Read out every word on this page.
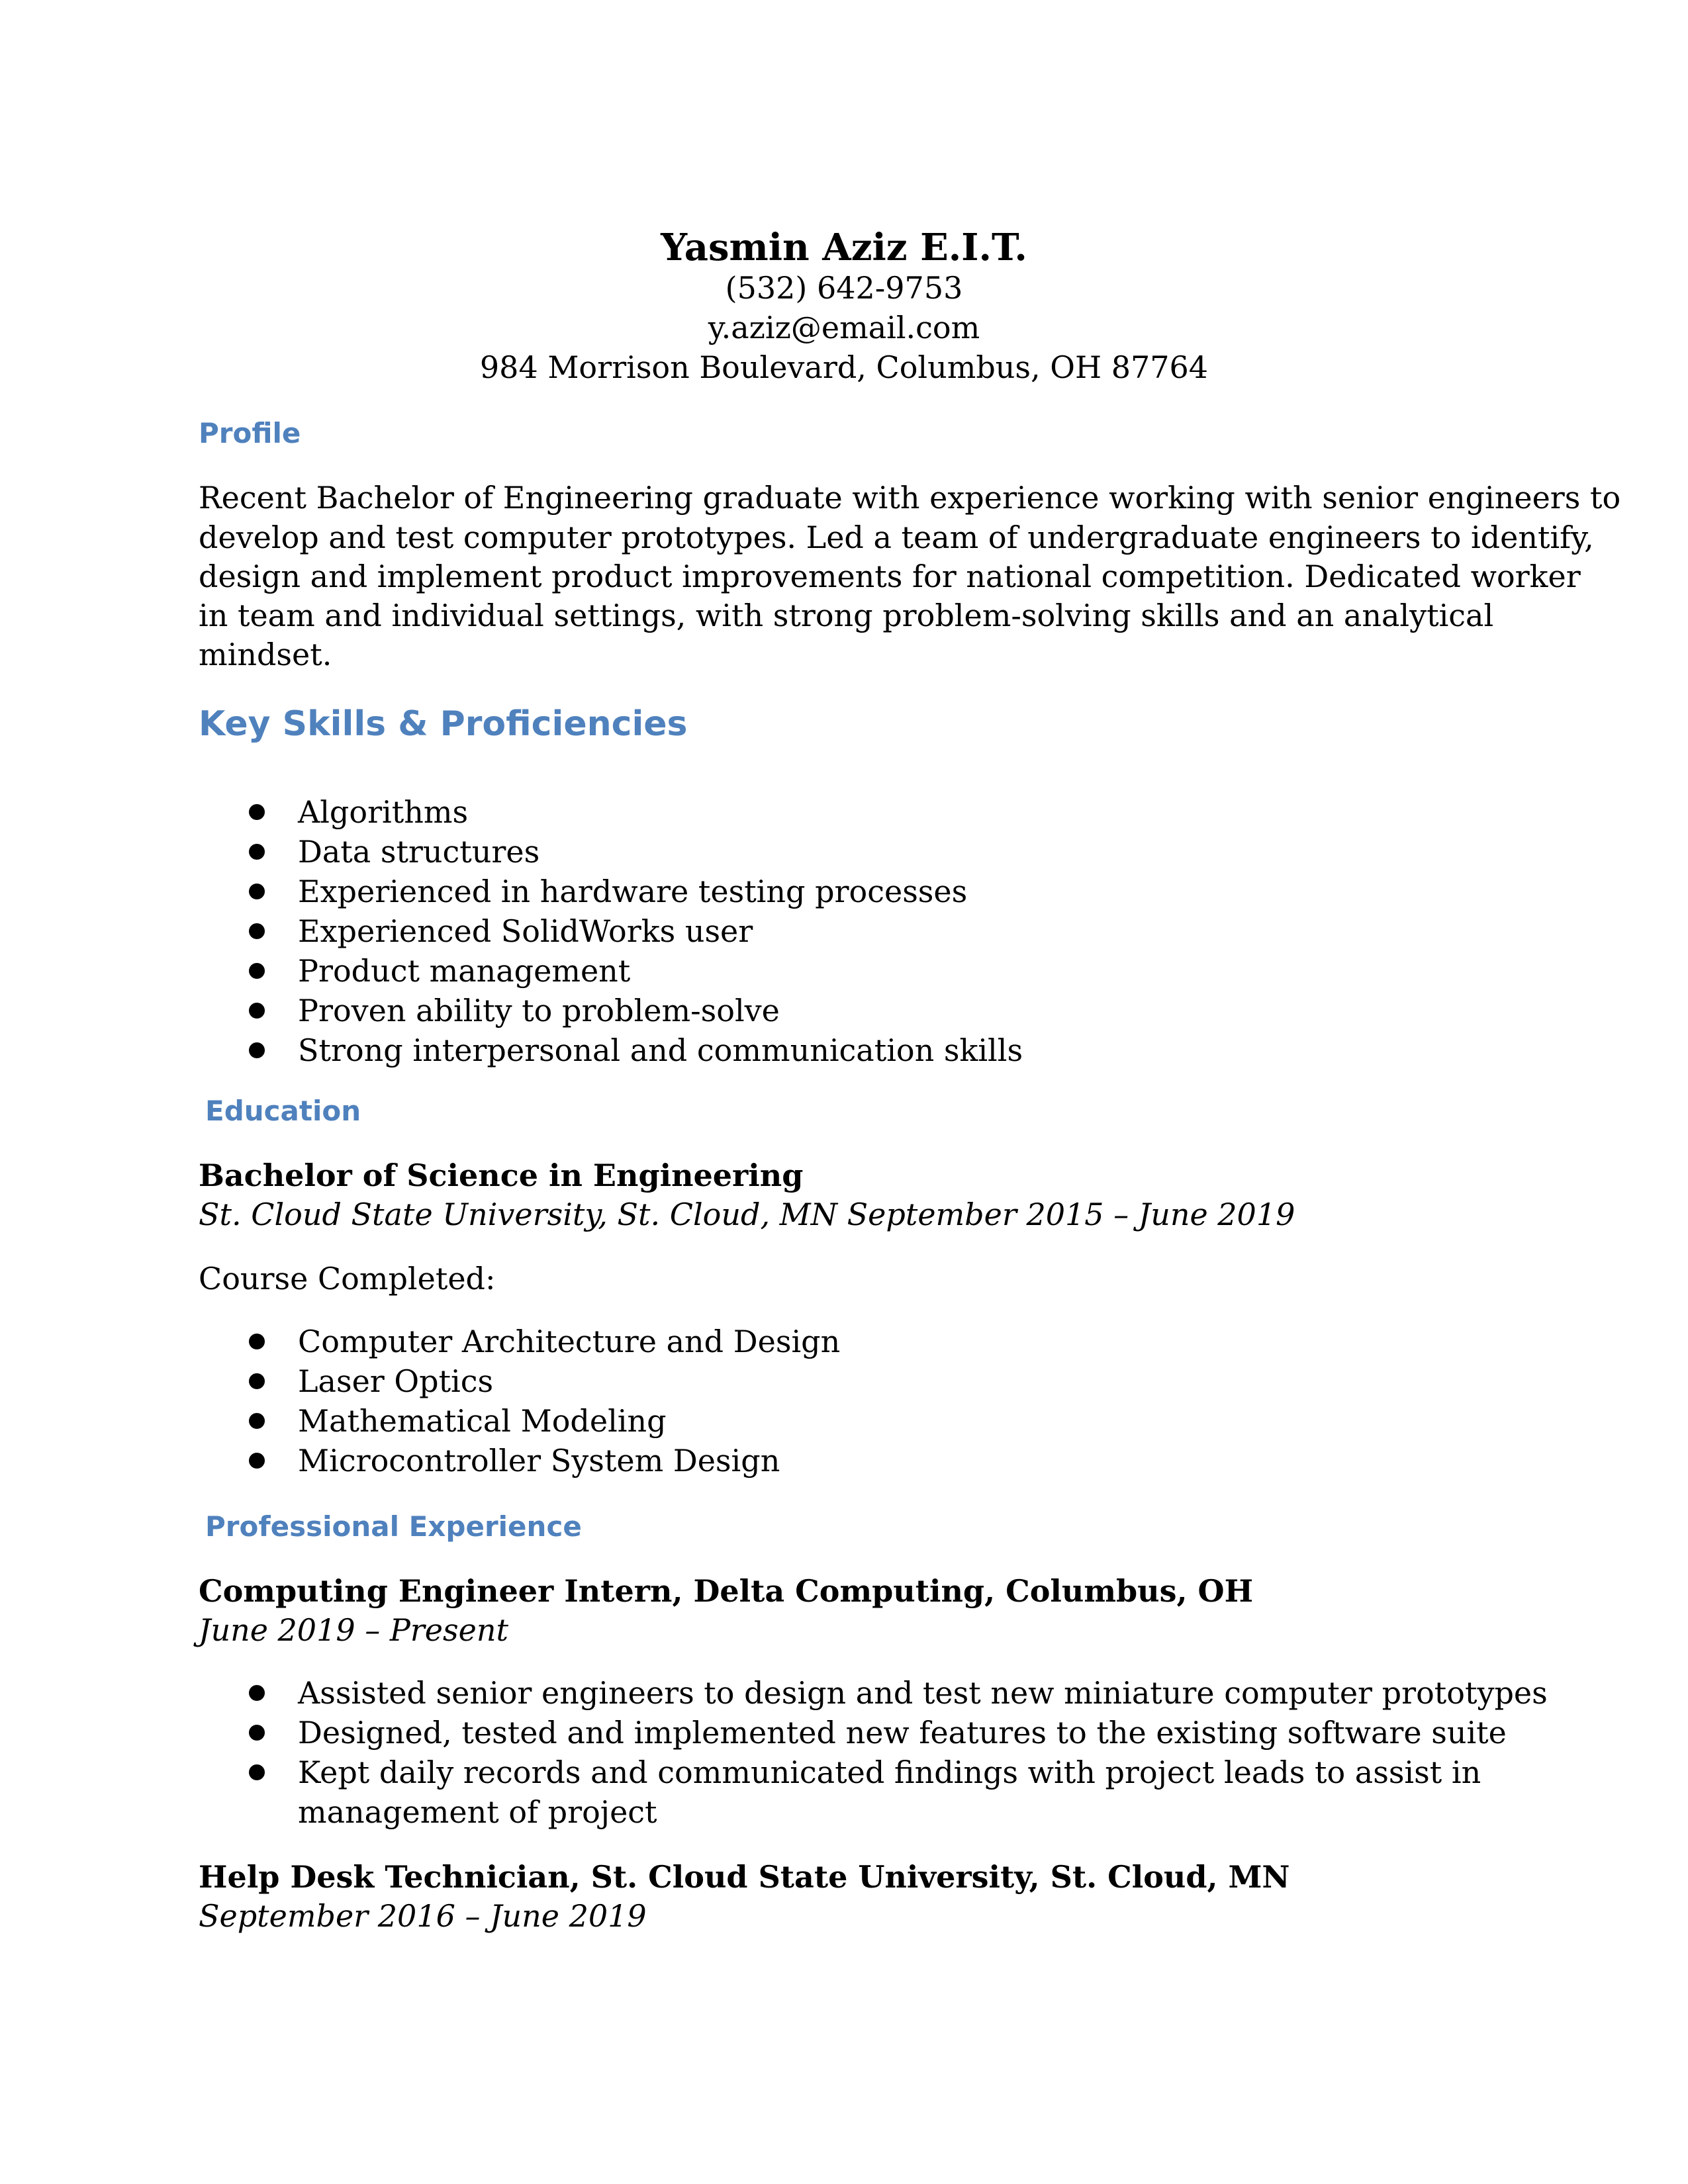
Yasmin Aziz E.I.T.
(532) 642-9753
y.aziz@email.com
984 Morrison Boulevard, Columbus, OH 87764
Profile
Recent Bachelor of Engineering graduate with experience working with senior engineers to
develop and test computer prototypes. Led a team of undergraduate engineers to identify,
design and implement product improvements for national competition. Dedicated worker
in team and individual settings, with strong problem-solving skills and an analytical
mindset.
Key Skills & Proficiencies
Algorithms
Data structures
Experienced in hardware testing processes
Experienced SolidWorks user
Product management
Proven ability to problem-solve
Strong interpersonal and communication skills
Education
Bachelor of Science in Engineering
St. Cloud State University, St. Cloud, MN September 2015 – June 2019
Course Completed:
Computer Architecture and Design
Laser Optics
Mathematical Modeling
Microcontroller System Design
Professional Experience
Computing Engineer Intern, Delta Computing, Columbus, OH
June 2019 – Present
Assisted senior engineers to design and test new miniature computer prototypes
Designed, tested and implemented new features to the existing software suite
Kept daily records and communicated findings with project leads to assist in
management of project
Help Desk Technician, St. Cloud State University, St. Cloud, MN
September 2016 – June 2019
